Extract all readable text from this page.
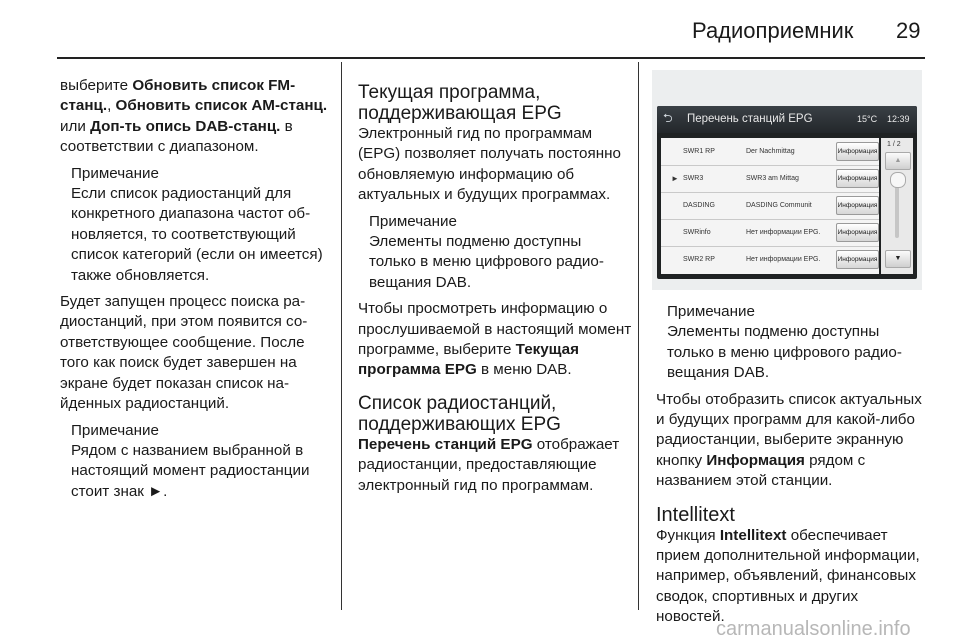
Радиоприемник 29

выберите Обновить список FM-станц., Обновить список AM-станц. или Доп-ть опись DAB-станц. в соответствии с диапазоном.

Примечание
Если список радиостанций для конкретного диапазона частот обновляется, то соответствующий список категорий (если он имеется) также обновляется.

Будет запущен процесс поиска радиостанций, при этом появится соответствующее сообщение. После того как поиск будет завершен на экране будет показан список найденных радиостанций.

Примечание
Рядом с названием выбранной в настоящий момент радиостанции стоит знак ►.
Текущая программа, поддерживающая EPG

Электронный гид по программам (EPG) позволяет получать постоянно обновляемую информацию об актуальных и будущих программах.

Примечание
Элементы подменю доступны только в меню цифрового радиовещания DAB.

Чтобы просмотреть информацию о прослушиваемой в настоящий момент программе, выберите Текущая программа EPG в меню DAB.

Список радиостанций, поддерживающих EPG

Перечень станций EPG отображает радиостанции, предоставляющие электронный гид по программам.

⮌ Перечень станций EPG	15°C 12:39
SWR1 RP	Der Nachmittag	Информация
► SWR3	SWR3 am Mittag	Информация
DASDING	DASDING Communit	Информация
SWRinfo	Нет информации EPG.	Информация
SWR2 RP	Нет информации EPG.	Информация
1 / 2
▲
▼
Примечание
Элементы подменю доступны только в меню цифрового радиовещания DAB.

Чтобы отобразить список актуальных и будущих программ для какой-либо радиостанции, выберите экранную кнопку Информация рядом с названием этой станции.

Intellitext

Функция Intellitext обеспечивает прием дополнительной информации, например, объявлений, финансовых сводок, спортивных и других новостей.

carmanualsonline.info
